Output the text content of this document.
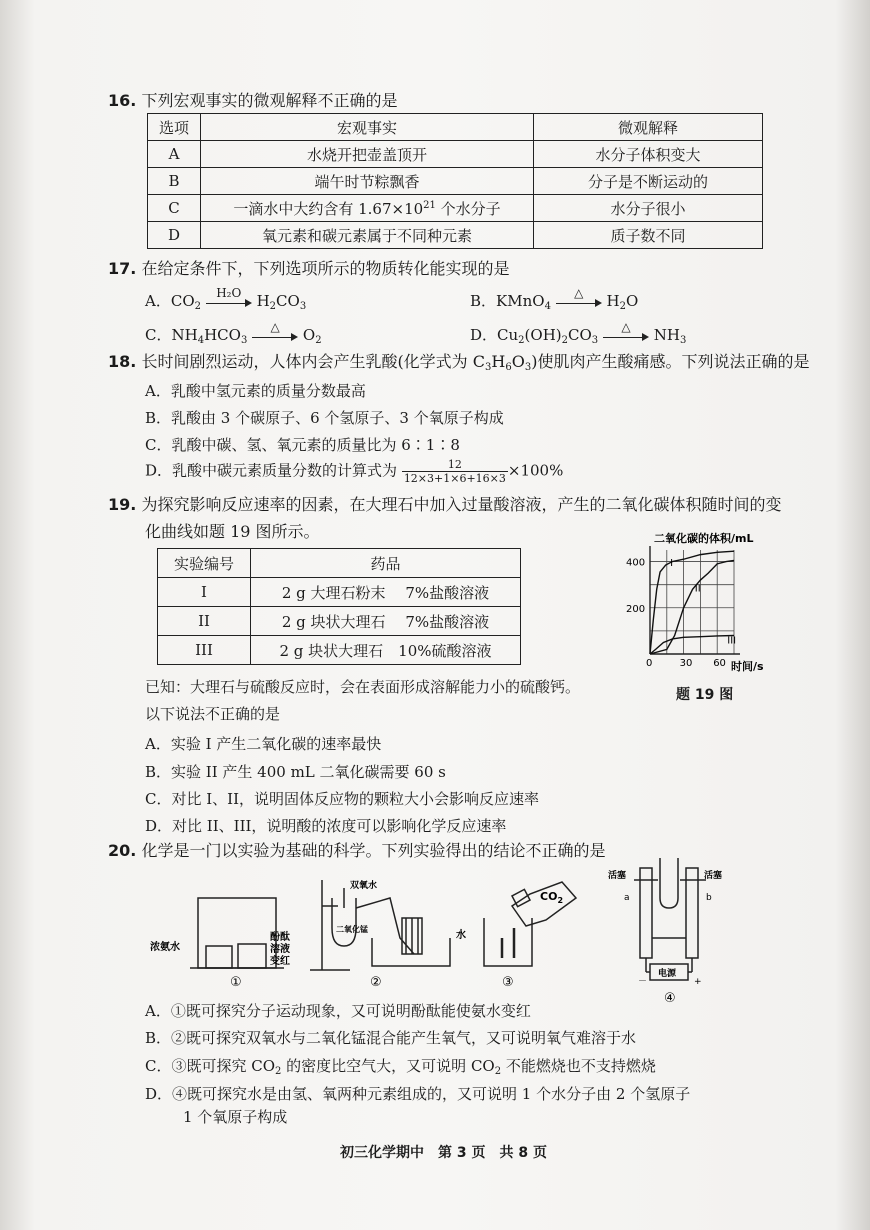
16. 下列宏观事实的微观解释不正确的是
选项	宏观事实	微观解释
A	水烧开把壶盖顶开	水分子体积变大
B	端午时节粽飘香	分子是不断运动的
C	一滴水中大约含有 $1.67\times 10^{21}$ 个水分子	水分子很小
D	氧元素和碳元素属于不同种元素	质子数不同
17. 在给定条件下，下列选项所示的物质转化能实现的是
A．$CO_2$
H₂O	$H_2CO_3$	B．KMnO$_4$
△	$H_2O$
C．$NH_4HCO_3$
△	$O_2$	D．$Cu_2(OH)_2CO_3$
△	$NH_3$
18. 长时间剧烈运动，人体内会产生乳酸(化学式为 $C_3H_6O_3$)使肌肉产生酸痛感。下列说法正确的是
A．乳酸中氢元素的质量分数最高
B．乳酸由 3 个碳原子、6 个氢原子、3 个氧原子构成
C．乳酸中碳、氢、氧元素的质量比为 6∶1∶8
D．乳酸中碳元素质量分数的计算式为 $\frac{12}{12\times 3+1\times 6+16\times 3} \times 100\%$
19. 为探究影响反应速率的因素，在大理石中加入过量酸溶液，产生的二氧化碳体积随时间的变
化曲线如题 19 图所示。
实验编号	药品
I	2 g 大理石粉末　 7%盐酸溶液
II	2 g 块状大理石　 7%盐酸溶液
III	2 g 块状大理石　10%硫酸溶液
二氧化碳的体积/mL
I
II
III
0	30 60
200
400
时间/s
题 19 图
已知：大理石与硫酸反应时，会在表面形成溶解能力小的硫酸钙。
以下说法不正确的是
A．实验 I 产生二氧化碳的速率最快
B．实验 II 产生 400 mL 二氧化碳需要 60 s
C．对比 I、II，说明固体反应物的颗粒大小会影响反应速率
D．对比 II、III，说明酸的浓度可以影响化学反应速率
20. 化学是一门以实验为基础的科学。下列实验得出的结论不正确的是
浓氨水
酚酞
溶液
变红
①
双氧水
二氧化锰
水
②
$CO_2$
③
活塞	活塞
a	b
电源
－	+
④
A．①既可探究分子运动现象，又可说明酚酞能使氨水变红
B．②既可探究双氧水与二氧化锰混合能产生氧气，又可说明氧气难溶于水
C．③既可探究 $CO_2$ 的密度比空气大，又可说明 $CO_2$ 不能燃烧也不支持燃烧
D．④既可探究水是由氢、氧两种元素组成的，又可说明 1 个水分子由 2 个氢原子
1 个氧原子构成
初三化学期中　第 3 页　共 8 页
